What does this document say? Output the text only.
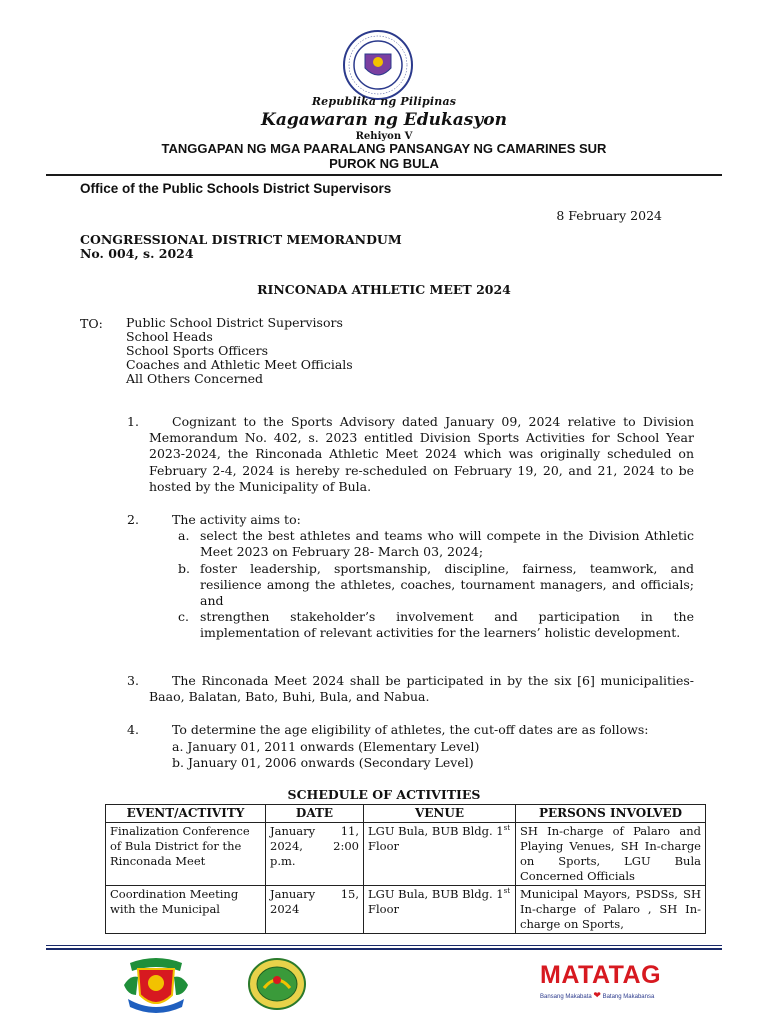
Republika ng Pilipinas
Kagawaran ng Edukasyon
Rehiyon V
TANGGAPAN NG MGA PAARALANG PANSANGAY NG CAMARINES SUR
PUROK NG BULA
Office of the Public Schools District Supervisors
8 February 2024
CONGRESSIONAL DISTRICT MEMORANDUM
No. 004, s. 2024
RINCONADA ATHLETIC MEET 2024
TO: Public School District Supervisors
School Heads
School Sports Officers
Coaches and Athletic Meet Officials
All Others Concerned
1.	Cognizant to the Sports Advisory dated January 09, 2024 relative to Division Memorandum No. 402, s. 2023 entitled Division Sports Activities for School Year 2023-2024, the Rinconada Athletic Meet 2024 which was originally scheduled on February 2-4, 2024 is hereby re-scheduled on February 19, 20, and 21, 2024 to be hosted by the Municipality of Bula.
2.	The activity aims to:
a. select the best athletes and teams who will compete in the Division Athletic Meet 2023 on February 28- March 03, 2024;
b. foster leadership, sportsmanship, discipline, fairness, teamwork, and resilience among the athletes, coaches, tournament managers, and officials; and
c. strengthen stakeholder’s involvement and participation in the implementation of relevant activities for the learners’ holistic development.
3.	The Rinconada Meet 2024 shall be participated in by the six [6] municipalities- Baao, Balatan, Bato, Buhi, Bula, and Nabua.
4.	To determine the age eligibility of athletes, the cut-off dates are as follows:
a. January 01, 2011 onwards (Elementary Level)
b. January 01, 2006 onwards (Secondary Level)
SCHEDULE OF ACTIVITIES
EVENT/ACTIVITY	DATE	VENUE	PERSONS INVOLVED
Finalization Conference of Bula District for the Rinconada Meet	January 11, 2024, 2:00 p.m.	LGU Bula, BUB Bldg. 1st Floor	SH In-charge of Palaro and Playing Venues, SH In-charge on Sports, LGU Bula Concerned Officials
Coordination Meeting with the Municipal	January 15, 2024	LGU Bula, BUB Bldg. 1st Floor	Municipal Mayors, PSDSs, SH In-charge of Palaro , SH In-charge on Sports,
MATATAG
Bansang Makabata ❤ Batang Makabansa
